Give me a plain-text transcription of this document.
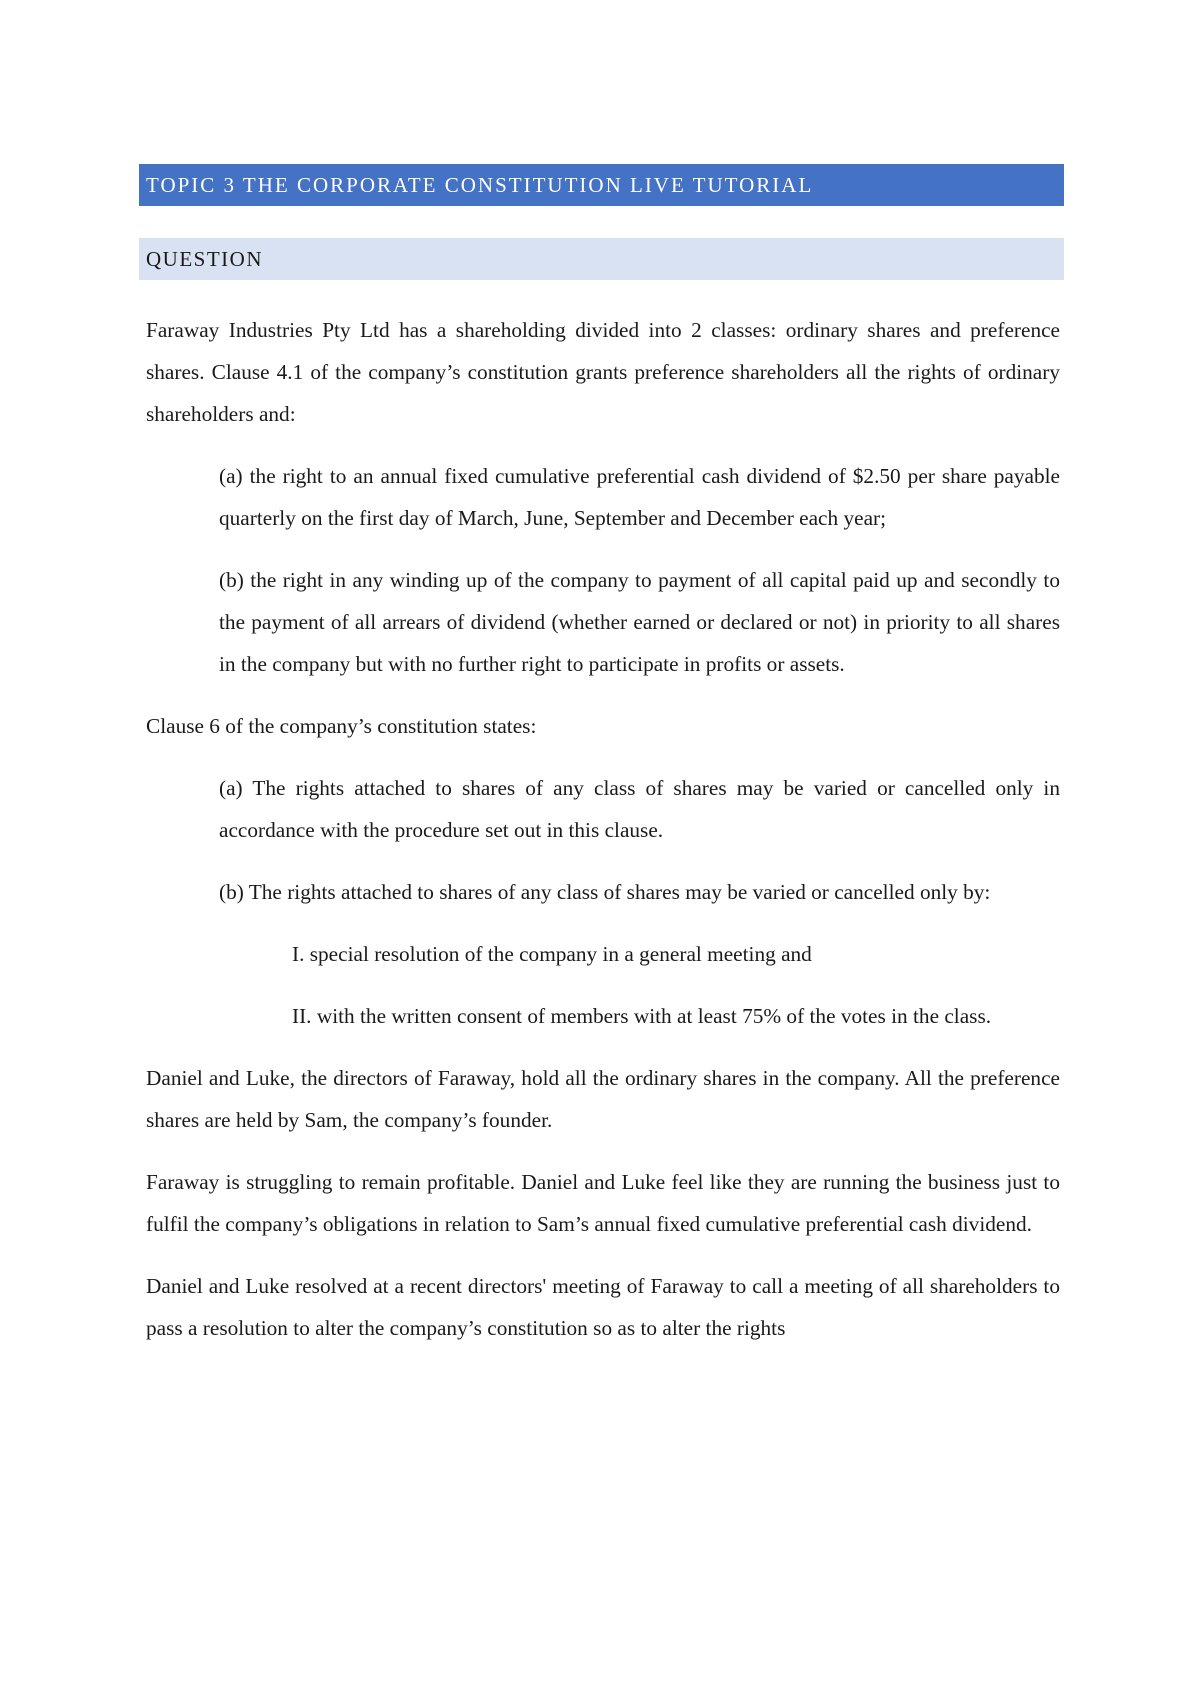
TOPIC 3 THE CORPORATE CONSTITUTION LIVE TUTORIAL
QUESTION

Faraway Industries Pty Ltd has a shareholding divided into 2 classes: ordinary shares and preference shares. Clause 4.1 of the company’s constitution grants preference shareholders all the rights of ordinary shareholders and:

(a) the right to an annual fixed cumulative preferential cash dividend of $2.50 per share payable quarterly on the first day of March, June, September and December each year;

(b) the right in any winding up of the company to payment of all capital paid up and secondly to the payment of all arrears of dividend (whether earned or declared or not) in priority to all shares in the company but with no further right to participate in profits or assets.

Clause 6 of the company’s constitution states:

(a) The rights attached to shares of any class of shares may be varied or cancelled only in accordance with the procedure set out in this clause.

(b) The rights attached to shares of any class of shares may be varied or cancelled only by:

I. special resolution of the company in a general meeting and

II. with the written consent of members with at least 75% of the votes in the class.

Daniel and Luke, the directors of Faraway, hold all the ordinary shares in the company. All the preference shares are held by Sam, the company’s founder.

Faraway is struggling to remain profitable. Daniel and Luke feel like they are running the business just to fulfil the company’s obligations in relation to Sam’s annual fixed cumulative preferential cash dividend.

Daniel and Luke resolved at a recent directors' meeting of Faraway to call a meeting of all shareholders to pass a resolution to alter the company’s constitution so as to alter the rights
